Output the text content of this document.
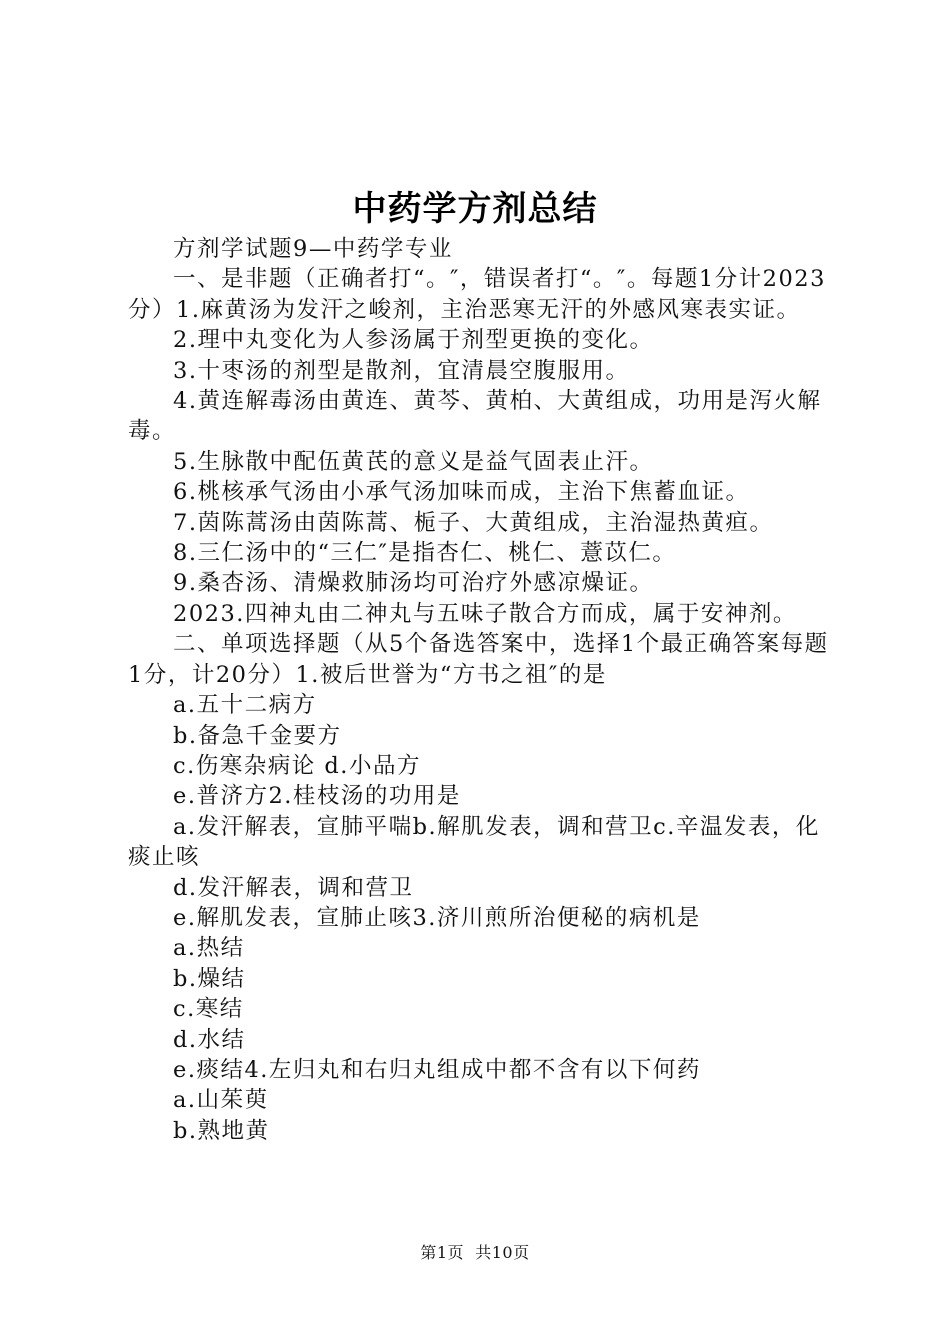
中药学方剂总结

方剂学试题9—中药学专业

一、是非题（正确者打“。″，错误者打“。″。每题1分计2023分）1.麻黄汤为发汗之峻剂，主治恶寒无汗的外感风寒表实证。

2.理中丸变化为人参汤属于剂型更换的变化。

3.十枣汤的剂型是散剂，宜清晨空腹服用。

4.黄连解毒汤由黄连、黄芩、黄柏、大黄组成，功用是泻火解毒。

5.生脉散中配伍黄芪的意义是益气固表止汗。

6.桃核承气汤由小承气汤加味而成，主治下焦蓄血证。

7.茵陈蒿汤由茵陈蒿、栀子、大黄组成，主治湿热黄疸。

8.三仁汤中的“三仁″是指杏仁、桃仁、薏苡仁。

9.桑杏汤、清燥救肺汤均可治疗外感凉燥证。

2023.四神丸由二神丸与五味子散合方而成，属于安神剂。

二、单项选择题（从5个备选答案中，选择1个最正确答案每题1分，计20分）1.被后世誉为“方书之祖″的是

a.五十二病方

b.备急千金要方

c.伤寒杂病论 d.小品方

e.普济方2.桂枝汤的功用是

a.发汗解表，宣肺平喘b.解肌发表，调和营卫c.辛温发表，化痰止咳

d.发汗解表，调和营卫

e.解肌发表，宣肺止咳3.济川煎所治便秘的病机是

a.热结

b.燥结

c.寒结

d.水结

e.痰结4.左归丸和右归丸组成中都不含有以下何药

a.山茱萸

b.熟地黄

第1页 共10页
